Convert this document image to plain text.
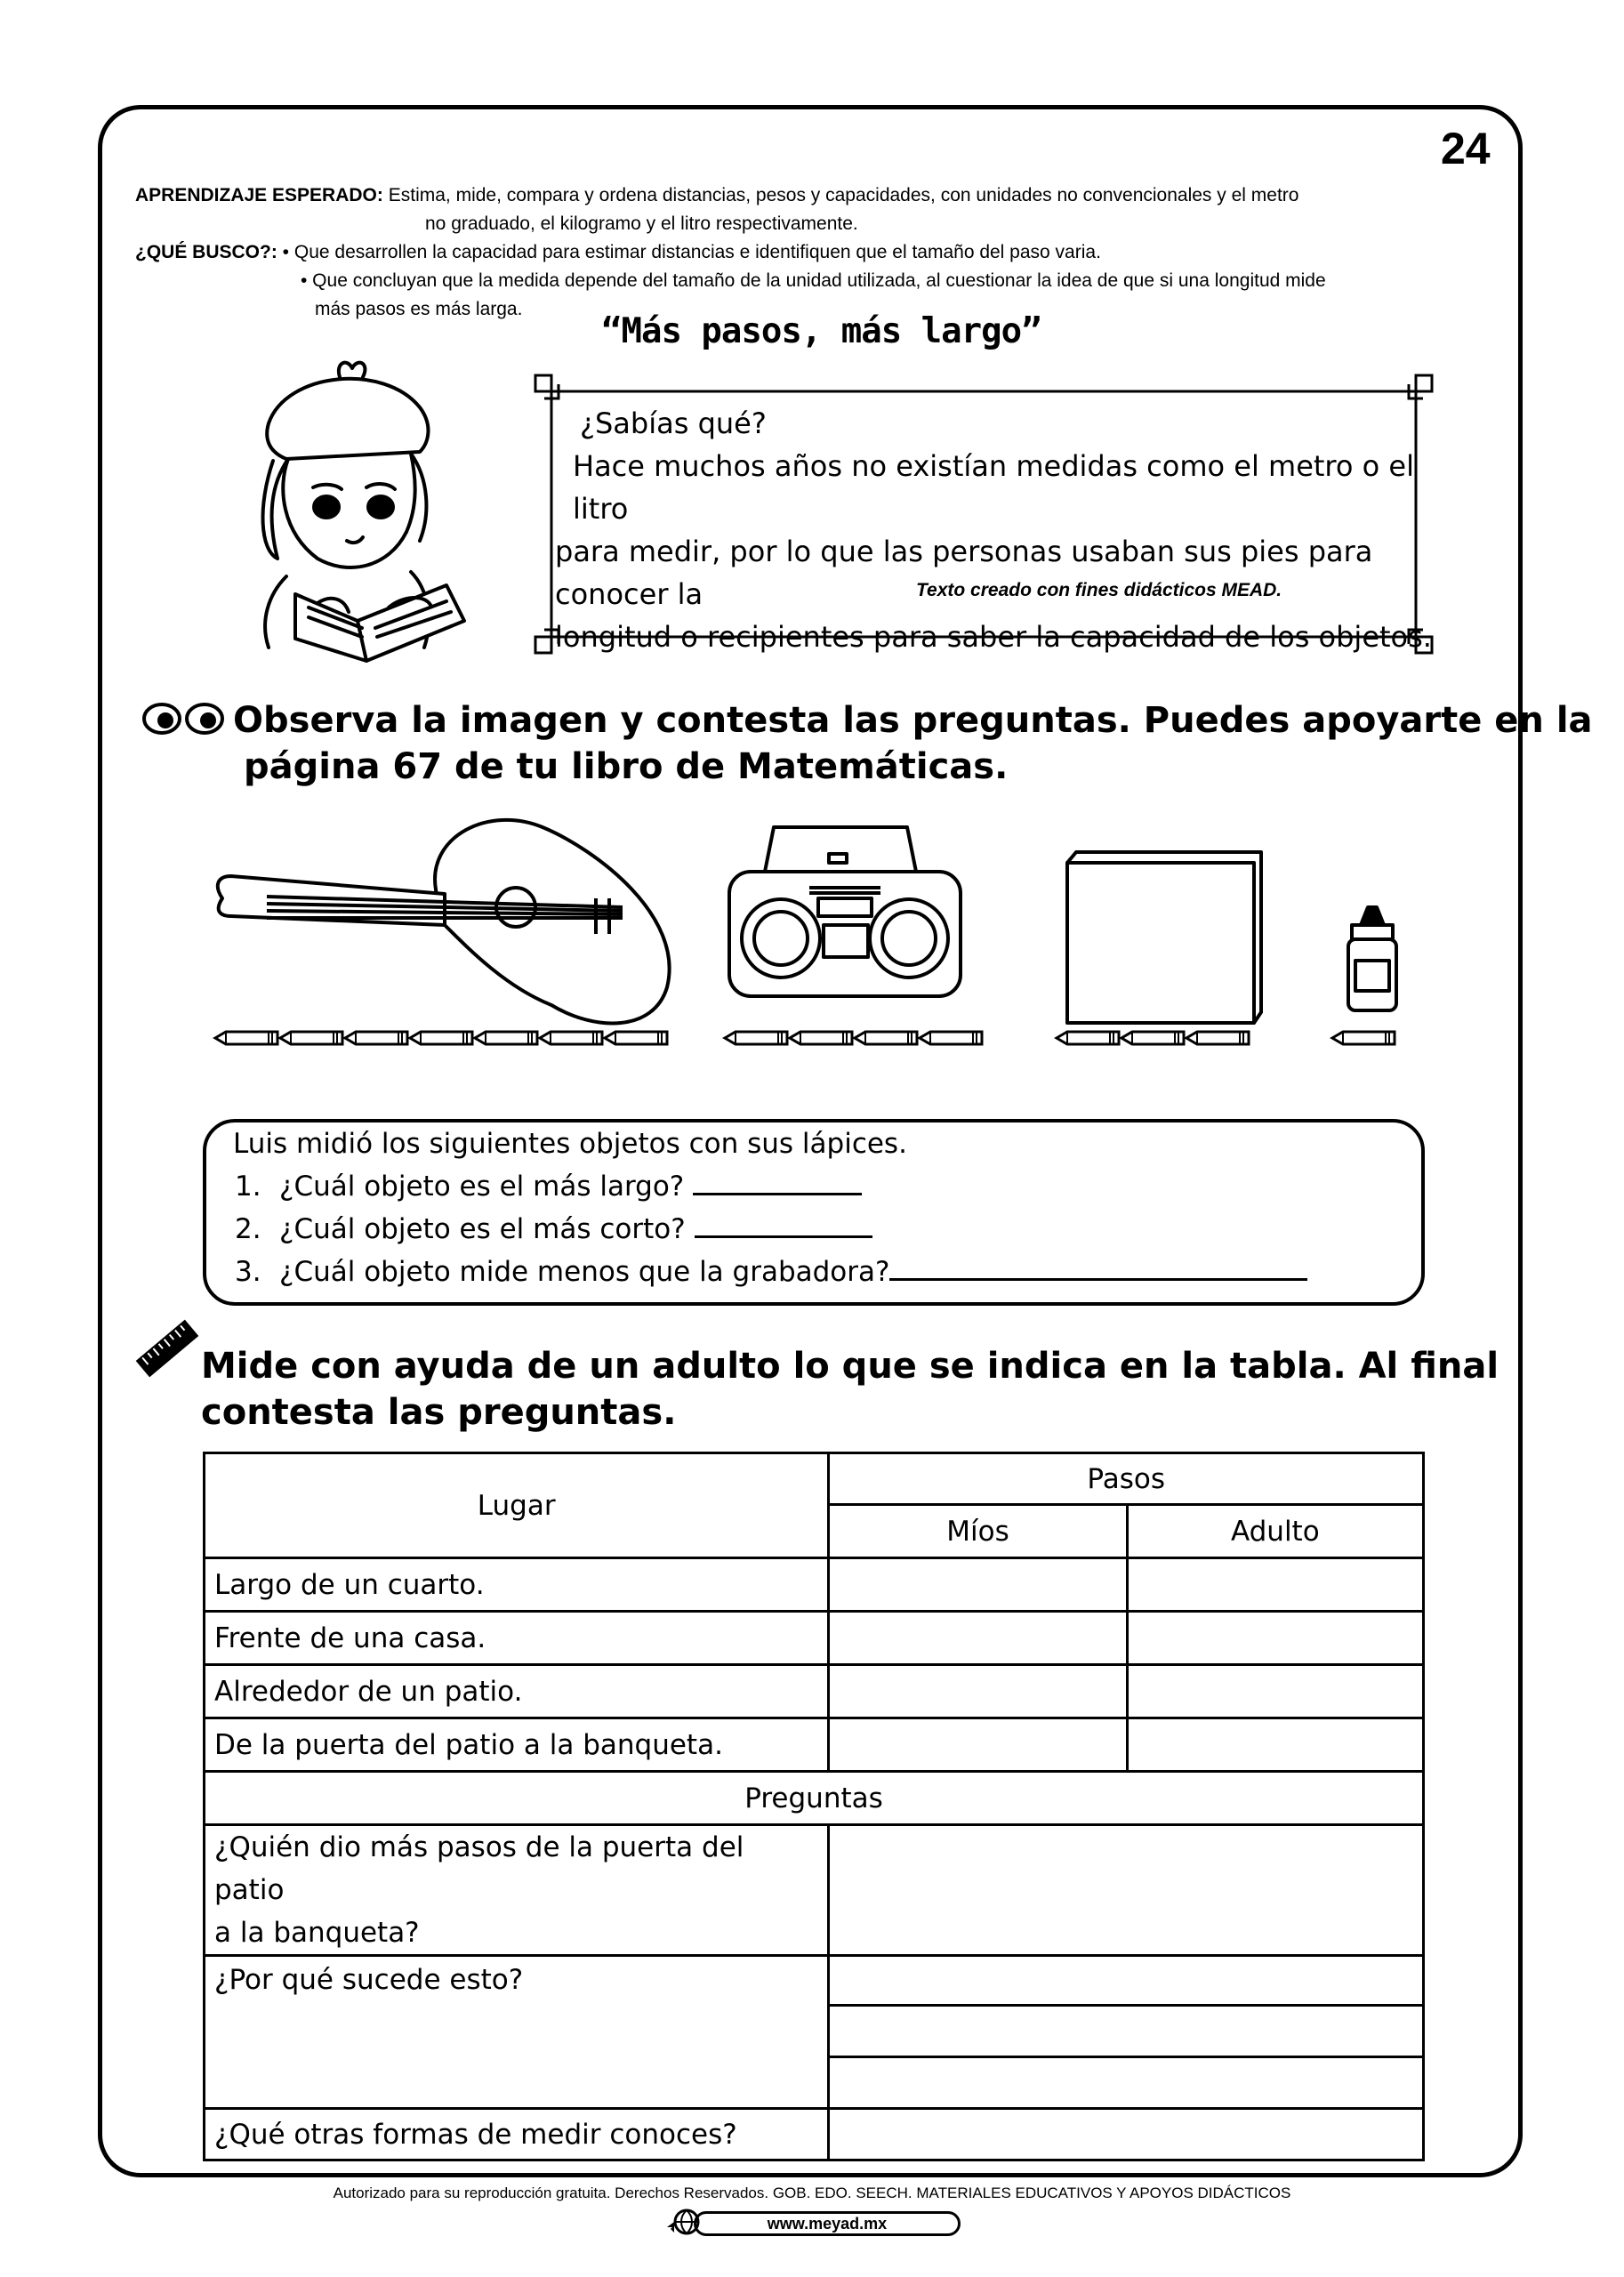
24
APRENDIZAJE ESPERADO: Estima, mide, compara y ordena distancias, pesos y capacidades, con unidades no convencionales y el metro
no graduado, el kilogramo y el litro respectivamente.
¿QUÉ BUSCO?: • Que desarrollen la capacidad para estimar distancias e identifiquen que el tamaño del paso varia.
• Que concluyan que la medida depende del tamaño de la unidad utilizada, al cuestionar la idea de que si una longitud mide
más pasos es más larga.
“Más pasos, más largo”
¿Sabías qué?
Hace muchos años no existían medidas como el metro o el litro
para medir, por lo que las personas usaban sus pies para conocer la
longitud o recipientes para saber la capacidad de los objetos.
Texto creado con fines didácticos MEAD.
Observa la imagen y contesta las preguntas. Puedes apoyarte en la
página 67 de tu libro de Matemáticas.
Luis midió los siguientes objetos con sus lápices.
1. ¿Cuál objeto es el más largo?
2. ¿Cuál objeto es el más corto?
3. ¿Cuál objeto mide menos que la grabadora?
Mide con ayuda de un adulto lo que se indica en la tabla. Al final
contesta las preguntas.
Lugar	Pasos	
	Míos	Adulto
Largo de un cuarto.		
Frente de una casa.		
Alrededor de un patio.		
De la puerta del patio a la banqueta.		
Preguntas		

¿Quién dio más pasos de la puerta del patio
a la banqueta?		

¿Por qué sucede esto?		

¿Qué otras formas de medir conoces?		
Autorizado para su reproducción gratuita. Derechos Reservados. GOB. EDO. SEECH. MATERIALES EDUCATIVOS Y APOYOS DIDÁCTICOS
www.meyad.mx
